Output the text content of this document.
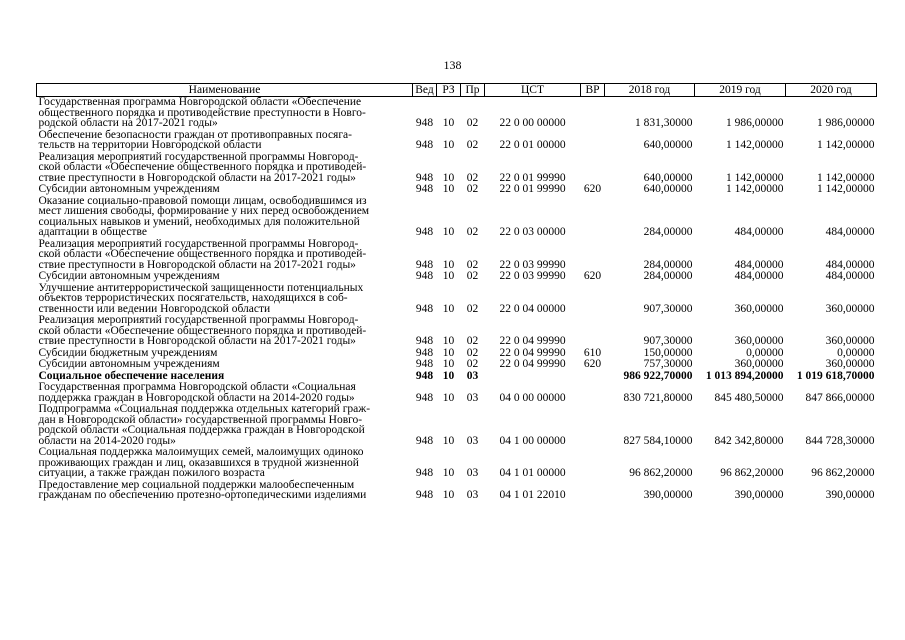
138
Наименование	Вед	РЗ	Пр	ЦСТ	ВР	2018 год	2019 год	2020 год
Государственная программа Новгородской области «Обеспечение
общественного порядка и противодействие преступности в Новго-
родской области на 2017-2021 годы»	948	10	02	22 0 00 00000		1 831,30000	1 986,00000	1 986,00000
Обеспечение безопасности граждан от противоправных посяга-
тельств на территории Новгородской области	948	10	02	22 0 01 00000		640,00000	1 142,00000	1 142,00000
Реализация мероприятий государственной программы Новгород-
ской области «Обеспечение общественного порядка и противодей-
ствие преступности в Новгородской области на 2017-2021 годы»	948	10	02	22 0 01 99990		640,00000	1 142,00000	1 142,00000
Субсидии автономным учреждениям	948	10	02	22 0 01 99990	620	640,00000	1 142,00000	1 142,00000
Оказание социально-правовой помощи лицам, освободившимся из
мест лишения свободы, формирование у них перед освобождением
социальных навыков и умений, необходимых для положительной
адаптации в обществе	948	10	02	22 0 03 00000		284,00000	484,00000	484,00000
Реализация мероприятий государственной программы Новгород-
ской области «Обеспечение общественного порядка и противодей-
ствие преступности в Новгородской области на 2017-2021 годы»	948	10	02	22 0 03 99990		284,00000	484,00000	484,00000
Субсидии автономным учреждениям	948	10	02	22 0 03 99990	620	284,00000	484,00000	484,00000
Улучшение антитеррористической защищенности потенциальных
объектов террористических посягательств, находящихся в соб-
ственности или ведении Новгородской области	948	10	02	22 0 04 00000		907,30000	360,00000	360,00000
Реализация мероприятий государственной программы Новгород-
ской области «Обеспечение общественного порядка и противодей-
ствие преступности в Новгородской области на 2017-2021 годы»	948	10	02	22 0 04 99990		907,30000	360,00000	360,00000
Субсидии бюджетным учреждениям	948	10	02	22 0 04 99990	610	150,00000	0,00000	0,00000
Субсидии автономным учреждениям	948	10	02	22 0 04 99990	620	757,30000	360,00000	360,00000
Социальное обеспечение населения	948	10	03			986 922,70000	1 013 894,20000	1 019 618,70000
Государственная программа Новгородской области «Социальная
поддержка граждан в Новгородской области на 2014-2020 годы»	948	10	03	04 0 00 00000		830 721,80000	845 480,50000	847 866,00000
Подпрограмма «Социальная поддержка отдельных категорий граж-
дан в Новгородской области» государственной программы Новго-
родской области «Социальная поддержка граждан в Новгородской
области на 2014-2020 годы»	948	10	03	04 1 00 00000		827 584,10000	842 342,80000	844 728,30000
Социальная поддержка малоимущих семей, малоимущих одиноко
проживающих граждан и лиц, оказавшихся в трудной жизненной
ситуации, а также граждан пожилого возраста	948	10	03	04 1 01 00000		96 862,20000	96 862,20000	96 862,20000
Предоставление мер социальной поддержки малообеспеченным
гражданам по обеспечению протезно-ортопедическими изделиями	948	10	03	04 1 01 22010		390,00000	390,00000	390,00000
